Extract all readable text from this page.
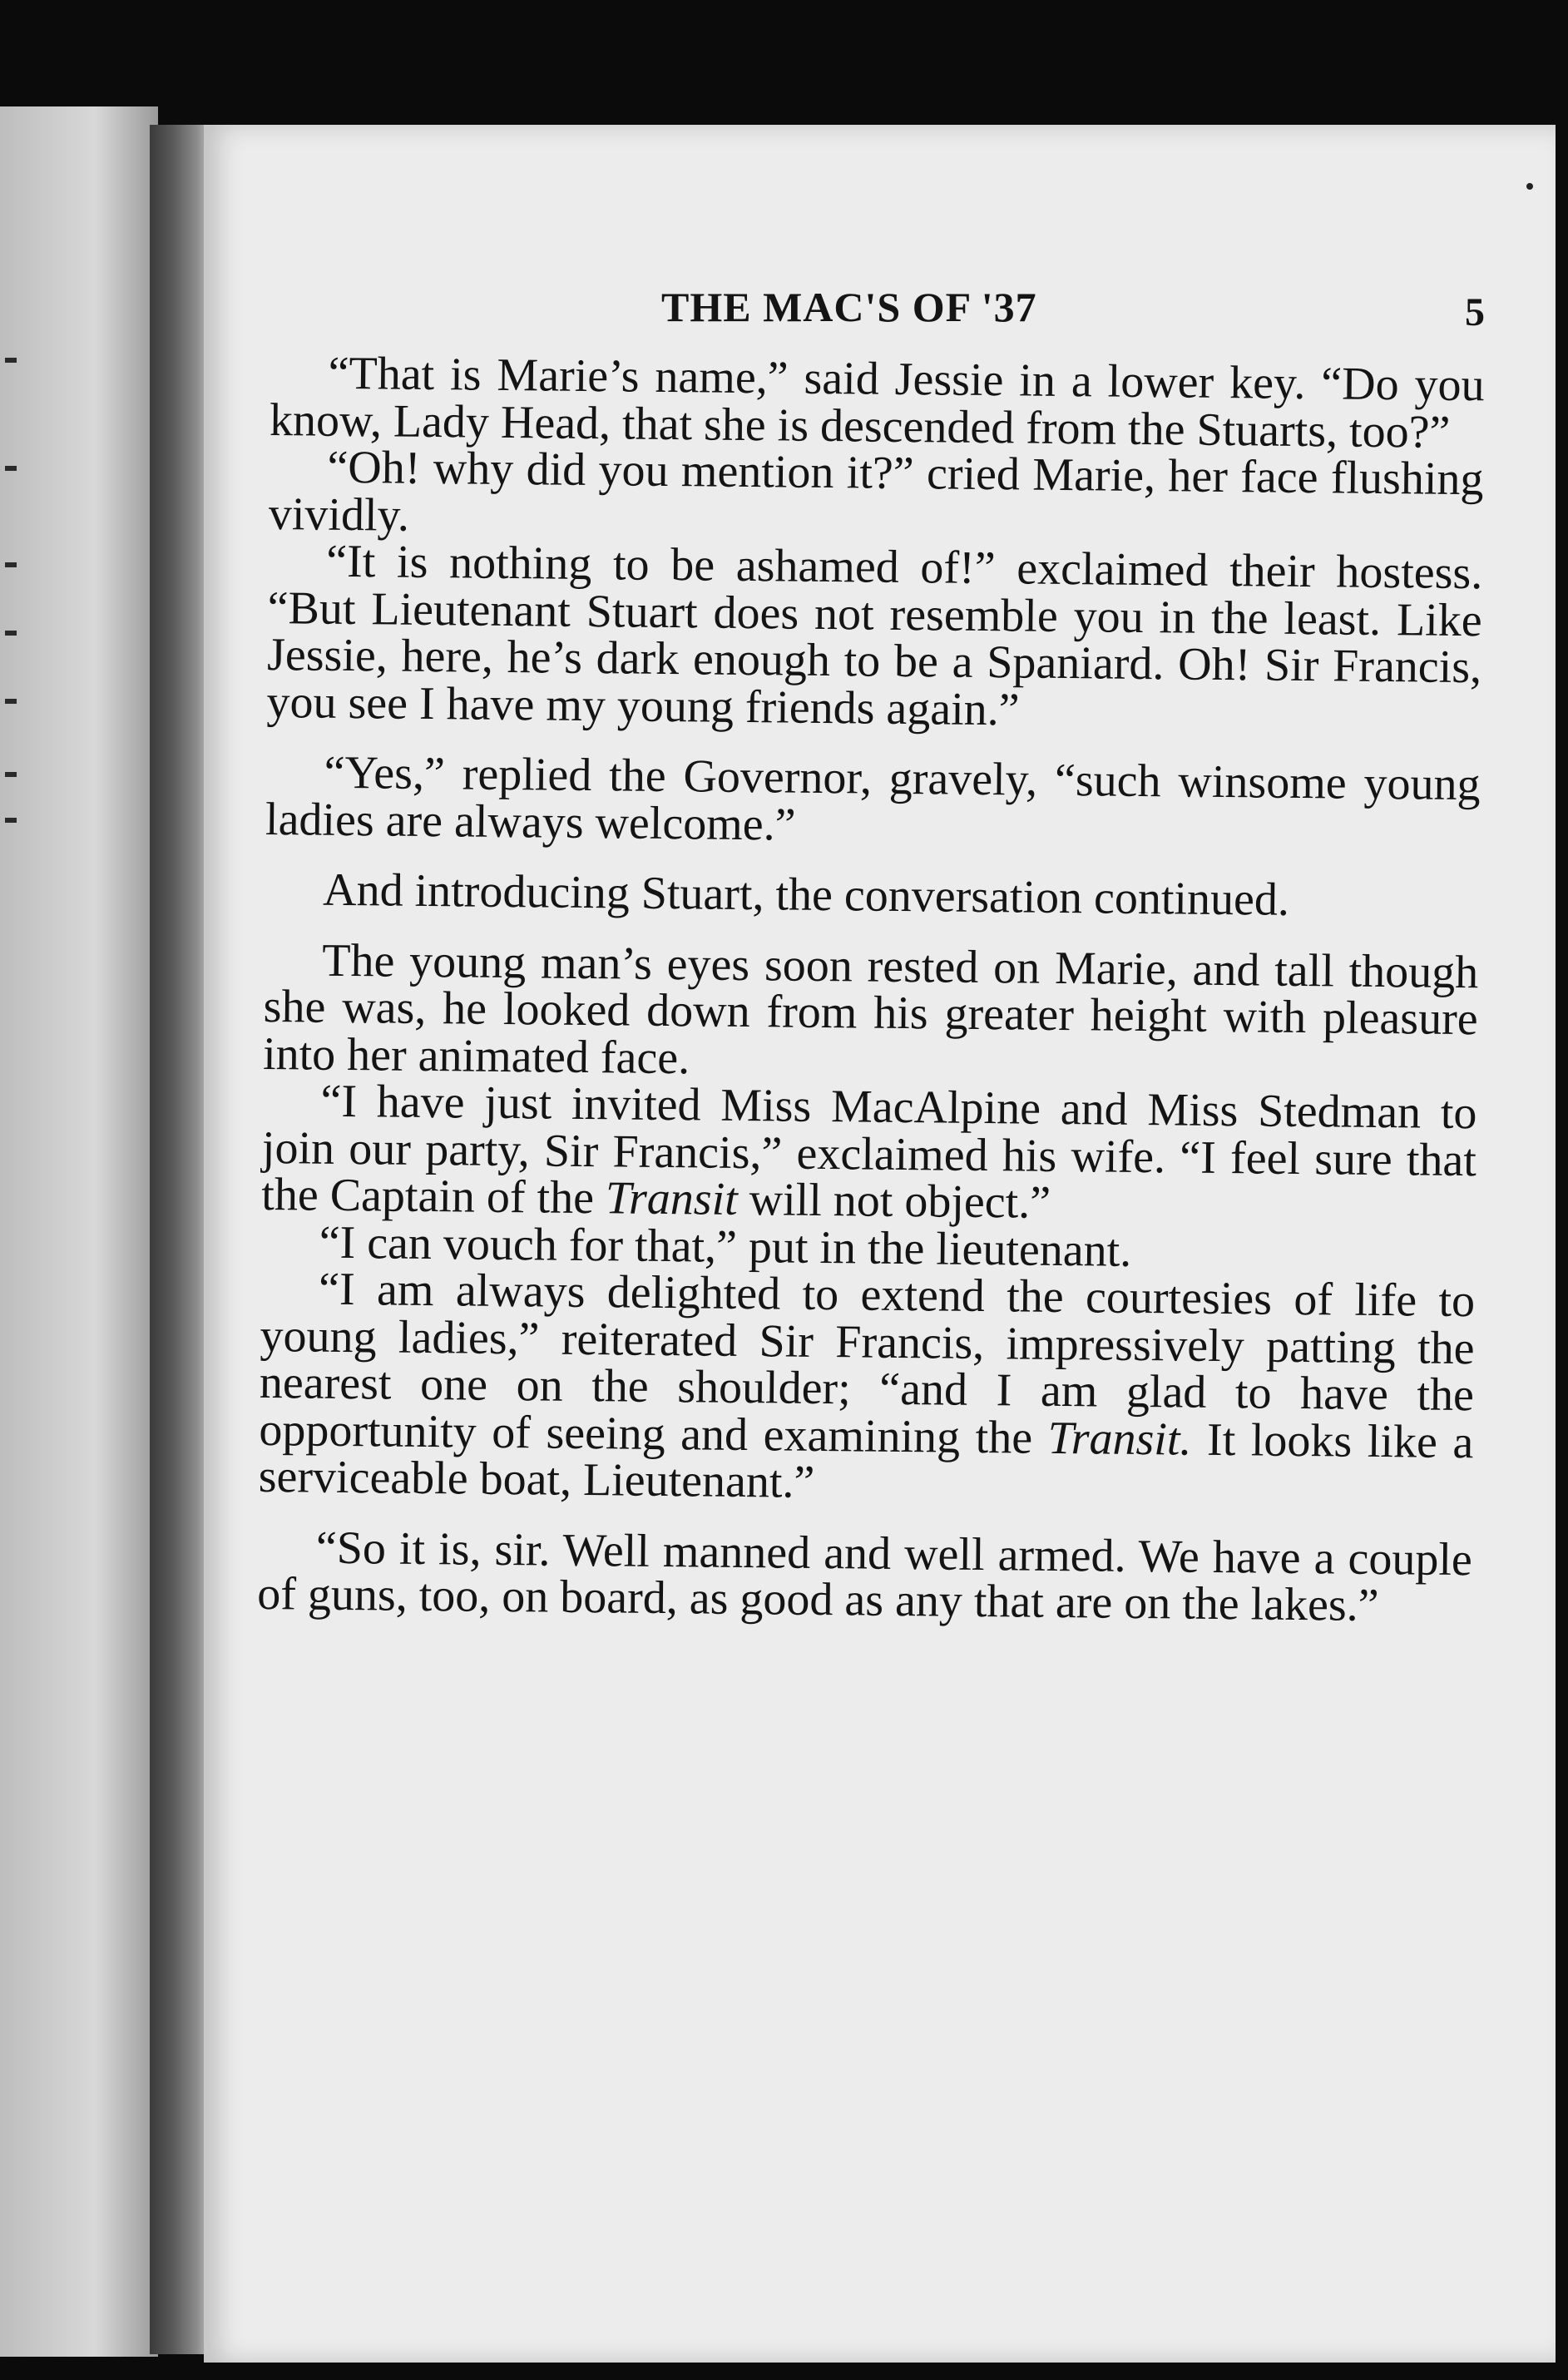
THE MAC'S OF '37	5

“That is Marie’s name,” said Jessie in a lower key. “Do you know, Lady Head, that she is descended from the Stuarts, too?”

“Oh! why did you mention it?” cried Marie, her face flushing vividly.

“It is nothing to be ashamed of!” exclaimed their hostess. “But Lieutenant Stuart does not resemble you in the least. Like Jessie, here, he’s dark enough to be a Spaniard. Oh! Sir Francis, you see I have my young friends again.”

“Yes,” replied the Governor, gravely, “such winsome young ladies are always welcome.”

And introducing Stuart, the conversation continued.

The young man’s eyes soon rested on Marie, and tall though she was, he looked down from his greater height with pleasure into her animated face.

“I have just invited Miss MacAlpine and Miss Stedman to join our party, Sir Francis,” exclaimed his wife. “I feel sure that the Captain of the Transit will not object.”

“I can vouch for that,” put in the lieutenant.

“I am always delighted to extend the courtesies of life to young ladies,” reiterated Sir Francis, impressively patting the nearest one on the shoulder; “and I am glad to have the opportunity of seeing and examining the Transit. It looks like a serviceable boat, Lieutenant.”

“So it is, sir. Well manned and well armed. We have a couple of guns, too, on board, as good as any that are on the lakes.”
